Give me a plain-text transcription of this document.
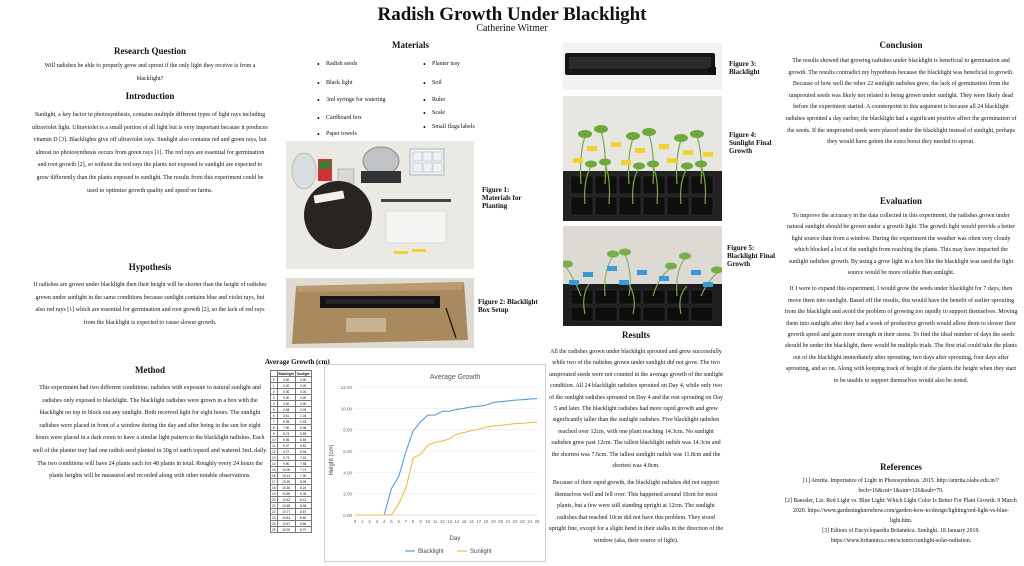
Radish Growth Under Blacklight
Catherine Witmer
Research Question

Will radishes be able to properly grow and sprout if the only light they receive is from a blacklight?

Introduction

Sunlight, a key factor in photosynthesis, contains multiple different types of light rays including ultraviolet light. Ultraviolet is a small portion of all light but is very important because it produces vitamin D [3]. Blacklights give off ultraviolet rays. Sunlight also contains red and green rays, but almost no photosynthesis occurs from green rays [1]. The red rays are essential for germination and root growth [2], so without the red rays the plants not exposed to sunlight are expected to grow differently than the plants exposed to sunlight. The results from this experiment could be used to optimize growth quality and speed on farms.

Hypothesis

If radishes are grown under blacklight then their height will be shorter than the height of radishes grown under sunlight in the same conditions because sunlight contains blue and violet rays, but also red rays [1] which are essential for germination and root growth [2], so the lack of red rays from the blacklight is expected to cause slower growth.

Method

This experiment had two different conditions: radishes with exposure to natural sunlight and radishes only exposed to blacklight. The blacklight radishes were grown in a box with the blacklight on top to block out any sunlight. Both received light for eight hours. The sunlight radishes were placed in front of a window during the day and after being in the sun for eight hours were placed in a dark room to have a similar light pattern to the blacklight radishes. Each well of the planter tray had one radish seed planted in 30g of earth topsoil and watered 3mL daily. The two conditions will have 24 plants each for 48 plants in total. Roughly every 24 hours the plants heights will be measured and recorded along with other notable observations.

Materials
• Radish seeds
• Black light
• 3ml syringe for watering
• Cardboard box
• Paper towels
• Planter tray
• Soil
• Ruler
• Scale
• Small flags/labels
Figure 1: Materials for Planting
Figure 2: Blacklight Box Setup
Average Growth (cm)
	Blacklight	Sunlight
0	0.00	0.00
1	0.00	0.00
2	0.00	0.00
3	0.00	0.00
4	0.00	0.00
5	2.48	0.03
6	3.61	1.04
7	5.95	2.53
8	7.90	5.36
9	8.73	5.69
10	9.36	6.54
11	9.37	6.81
12	9.72	6.94
13	9.73	7.15
14	9.90	7.58
15	10.00	7.74
16	10.14	7.90
17	10.20	8.05
18	10.30	8.24
19	10.55	8.35
20	10.62	8.41
21	10.69	8.48
22	10.77	8.57
23	10.81	8.60
24	10.87	8.66
25	10.92	8.70
Average Growth
Height (cm)
Day
0.00
2.00
4.00
6.00
8.00
10.00
12.00
0 1 2 3 4 5 6 7 8 9 10 11 12 13 14 15 16 17 18 19 20 21 22 23 24 25
Blacklight	Sunlight
Figure 3: Blacklight
Figure 4: Sunlight Final Growth
Figure 5: Blacklight Final Growth
Results

All the radishes grown under blacklight sprouted and grew successfully while two of the radishes grown under sunlight did not grow. The two unsprouted seeds were not counted in the average growth of the sunlight condition. All 24 blacklight radishes sprouted on Day 4, while only two of the sunlight radishes sprouted on Day 4 and the rest sprouting on Day 5 and later. The blacklight radishes had more rapid growth and grew significantly taller than the sunlight radishes. Five blacklight radishes reached over 12cm, with one plant reaching 14.3cm. No sunlight radishes grew past 12cm. The tallest blacklight radish was 14.3cm and the shortest was 7.6cm. The tallest sunlight radish was 11.8cm and the shortest was 4.8cm.

Because of their rapid growth, the blacklight radishes did not support themselves well and fell over. This happened around 10cm for most plants, but a few were still standing upright at 12cm. The sunlight radishes that reached 10cm did not have this problem. They stood upright fine, except for a slight bend in their stalks in the direction of the window (aka, their source of light).

Conclusion

The results showed that growing radishes under blacklight is beneficial to germination and growth. The results contradict my hypothesis because the blacklight was beneficial to growth. Because of how well the other 22 sunlight radishes grew, the lack of germination from the unsprouted seeds was likely not related to being grown under sunlight. They were likely dead before the experiment started. A counterpoint to this argument is because all 24 blacklight radishes sprouted a day earlier, the blacklight had a significant positive affect the germination of the seeds. If the unsprouted seeds were placed under the blacklight instead of sunlight, perhaps they would have gotten the extra boost they needed to sprout.

Evaluation

To improve the accuracy in the data collected in this experiment, the radishes grown under natural sunlight should be grown under a growth light. The growth light would provide a better light source than from a window. During the experiment the weather was often very cloudy which blocked a lot of the sunlight from reaching the plants. This may have impacted the sunlight radishes growth. By using a grow light in a box like the blacklight was used the light source would be more reliable than sunlight.

If I were to expand this experiment, I would grow the seeds under blacklight for 7 days, then move them into sunlight. Based off the results, this would have the benefit of earlier sprouting from the blacklight and avoid the problem of growing too rapidly to support themselves. Moving them into sunlight after they had a week of productive growth would allow them to slower their growth speed and gain more strength in their stems. To find the ideal number of days the seeds should be under the blacklight, there would be multiple trials. The first trial could take the plants out of the blacklight immediately after sprouting, two days after sprouting, four days after sprouting, and so on. Along with keeping track of height of the plants the height when they start to be unable to support themselves would also be noted.

References

[1] Amrita. Importance of Light in Photosynthesis. 2015. http://amrita.olabs.edu.in/?brch=16&cnt=1&sim=126&sub=79.

[2] Baessler, Liz. Red Light vs. Blue Light: Which Light Color Is Better For Plant Growth. 9 March 2020. https://www.gardeningknowhow.com/garden-how-to/design/lighting/red-light-vs-blue-light.htm.

[3] Editors of Encyclopaedia Britannica. Sunlight. 18 January 2019. https://www.britannica.com/science/sunlight-solar-radiation.
